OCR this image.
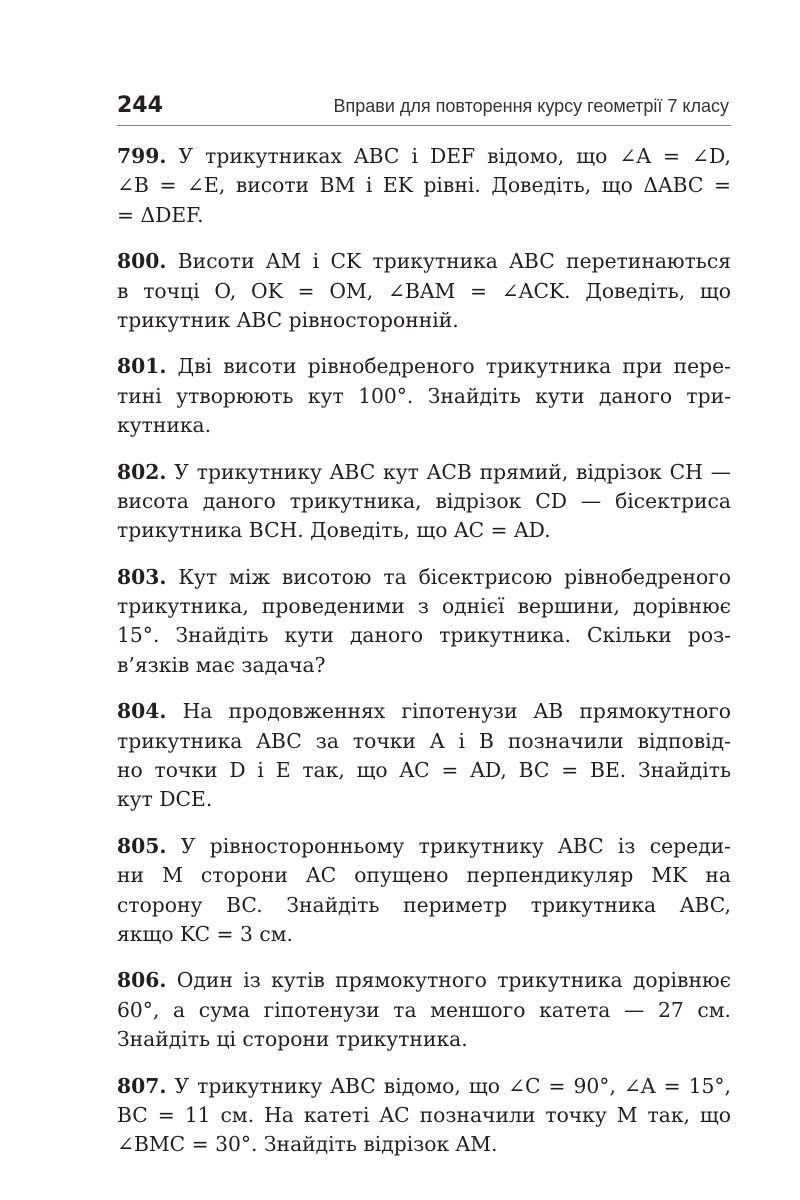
244	Вправи для повторення курсу геометрії 7 класу
799. У трикутниках ABC і DEF відомо, що ∠A = ∠D,
∠B = ∠E, висоти BM і EK рівні. Доведіть, що ΔABC =
= ΔDEF.
800. Висоти AM і CK трикутника ABC перетинаються
в точці O, OK = OM, ∠BAM = ∠ACK. Доведіть, що
трикутник ABC рівносторонній.
801. Дві висоти рівнобедреного трикутника при пере-
тині утворюють кут 100°. Знайдіть кути даного три-
кутника.
802. У трикутнику ABC кут ACB прямий, відрізок CH —
висота даного трикутника, відрізок CD — бісектриса
трикутника BCH. Доведіть, що AC = AD.
803. Кут між висотою та бісектрисою рівнобедреного
трикутника, проведеними з однієї вершини, дорівнює
15°. Знайдіть кути даного трикутника. Скільки роз-
в’язків має задача?
804. На продовженнях гіпотенузи AB прямокутного
трикутника ABC за точки A і B позначили відповід-
но точки D і E так, що AC = AD, BC = BE. Знайдіть
кут DCE.
805. У рівносторонньому трикутнику ABC із середи-
ни M сторони AC опущено перпендикуляр MK на
сторону BC. Знайдіть периметр трикутника ABC,
якщо KC = 3 см.
806. Один із кутів прямокутного трикутника дорівнює
60°, а сума гіпотенузи та меншого катета — 27 см.
Знайдіть ці сторони трикутника.
807. У трикутнику ABC відомо, що ∠C = 90°, ∠A = 15°,
BC = 11 см. На катеті AC позначили точку M так, що
∠BMC = 30°. Знайдіть відрізок AM.
